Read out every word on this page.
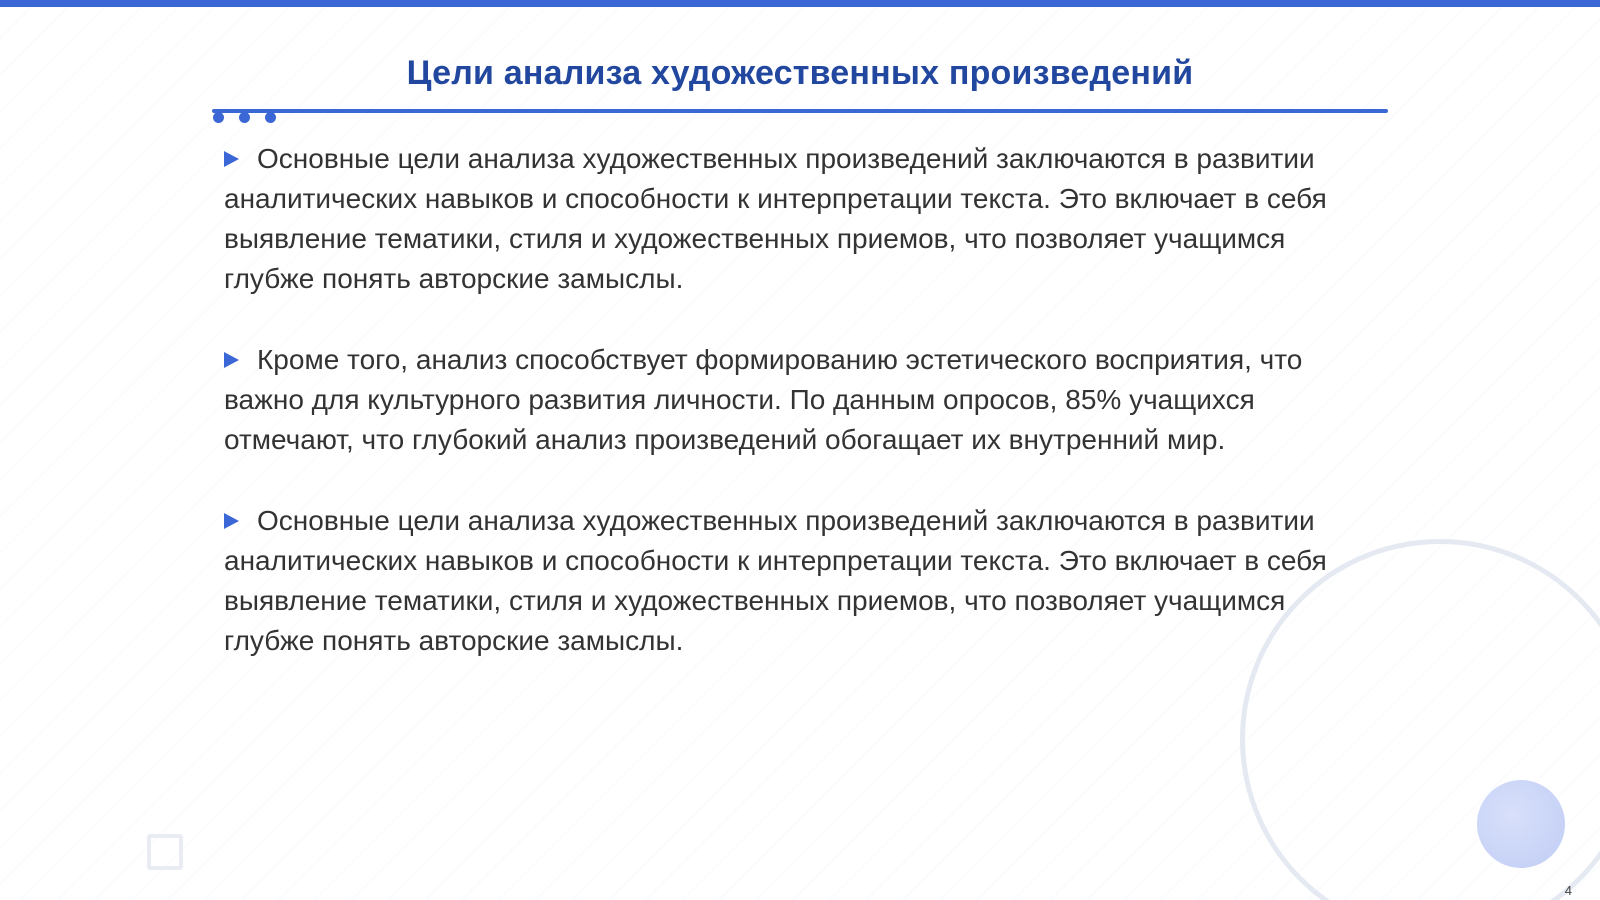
Цели анализа художественных произведений

Основные цели анализа художественных произведений заключаются в развитии аналитических навыков и способности к интерпретации текста. Это включает в себя выявление тематики, стиля и художественных приемов, что позволяет учащимся глубже понять авторские замыслы.

Кроме того, анализ способствует формированию эстетического восприятия, что важно для культурного развития личности. По данным опросов, 85% учащихся отмечают, что глубокий анализ произведений обогащает их внутренний мир.

Основные цели анализа художественных произведений заключаются в развитии аналитических навыков и способности к интерпретации текста. Это включает в себя выявление тематики, стиля и художественных приемов, что позволяет учащимся глубже понять авторские замыслы.

4
